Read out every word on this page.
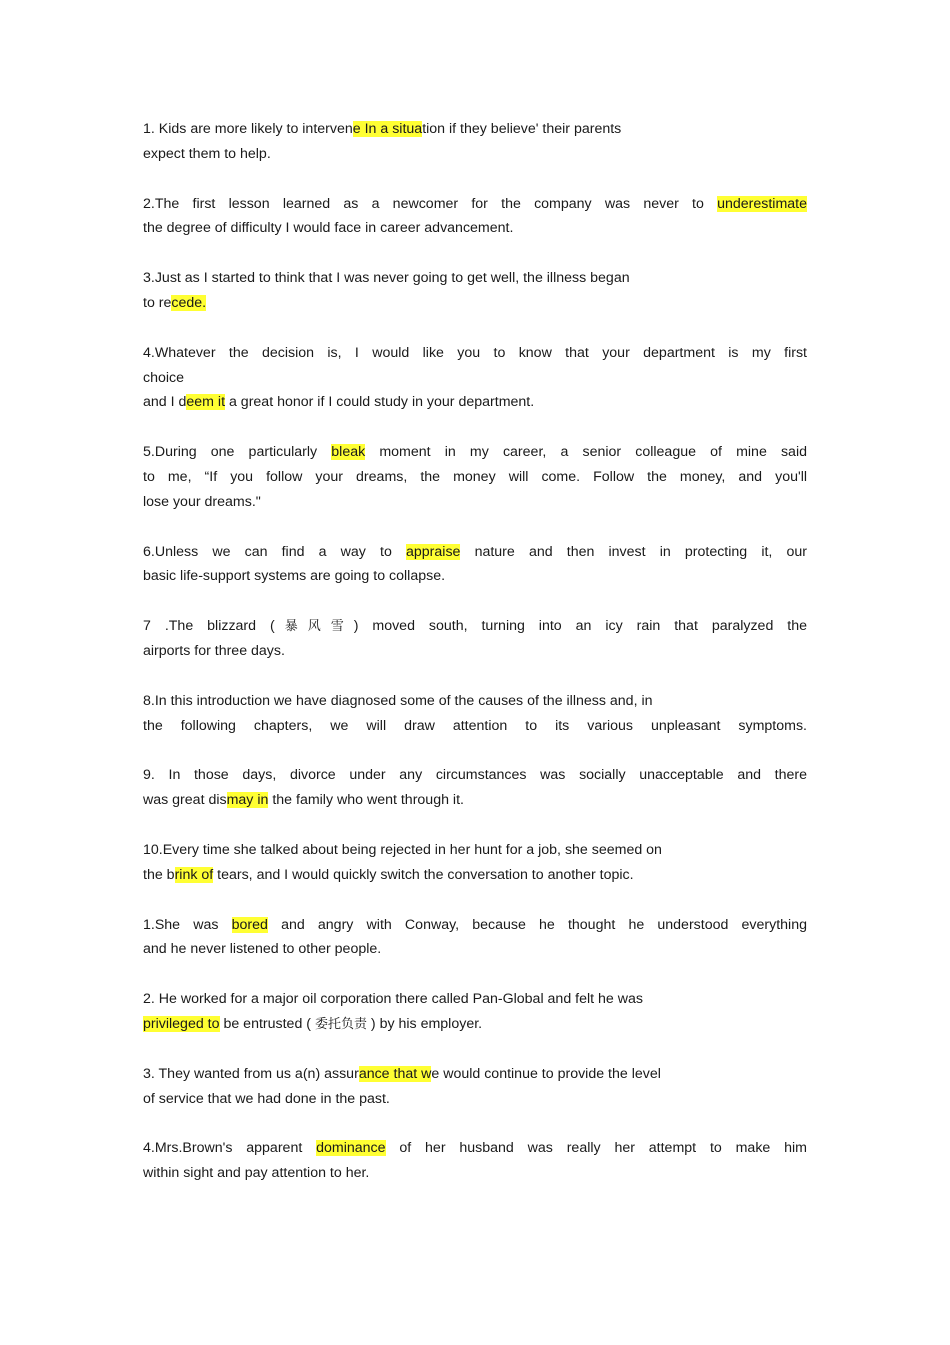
1. Kids are more likely to intervene In a situation if they believe' their parents
expect them to help.
2.The first lesson learned as a newcomer for the company was never to underestimate
the degree of difficulty I would face in career advancement.
3.Just as I started to think that I was never going to get well, the illness began
to recede.
4.Whatever the decision is, I would like you to know that your department is my first
choice
and I deem it a great honor if I could study in your department.
5.During one particularly bleak moment in my career, a senior colleague of mine said
to me, “If you follow your dreams, the money will come. Follow the money, and you'll
lose your dreams."
6.Unless we can find a way to appraise nature and then invest in protecting it, our
basic life-support systems are going to collapse.
7 .The blizzard (暴风雪) moved south, turning into an icy rain that paralyzed the
airports for three days.
8.In this introduction we have diagnosed some of the causes of the illness and, in
the following chapters, we will draw attention to its various unpleasant symptoms.
9. In those days, divorce under any circumstances was socially unacceptable and there
was great dismay in the family who went through it.
10.Every time she talked about being rejected in her hunt for a job, she seemed on
the brink of tears, and I would quickly switch the conversation to another topic.
1.She was bored and angry with Conway, because he thought he understood everything
and he never listened to other people.
2. He worked for a major oil corporation there called Pan-Global and felt he was
privileged to be entrusted ( 委托负责 ) by his employer.
3. They wanted from us a(n) assurance that we would continue to provide the level
of service that we had done in the past.
4.Mrs.Brown's apparent dominance of her husband was really her attempt to make him
within sight and pay attention to her.
